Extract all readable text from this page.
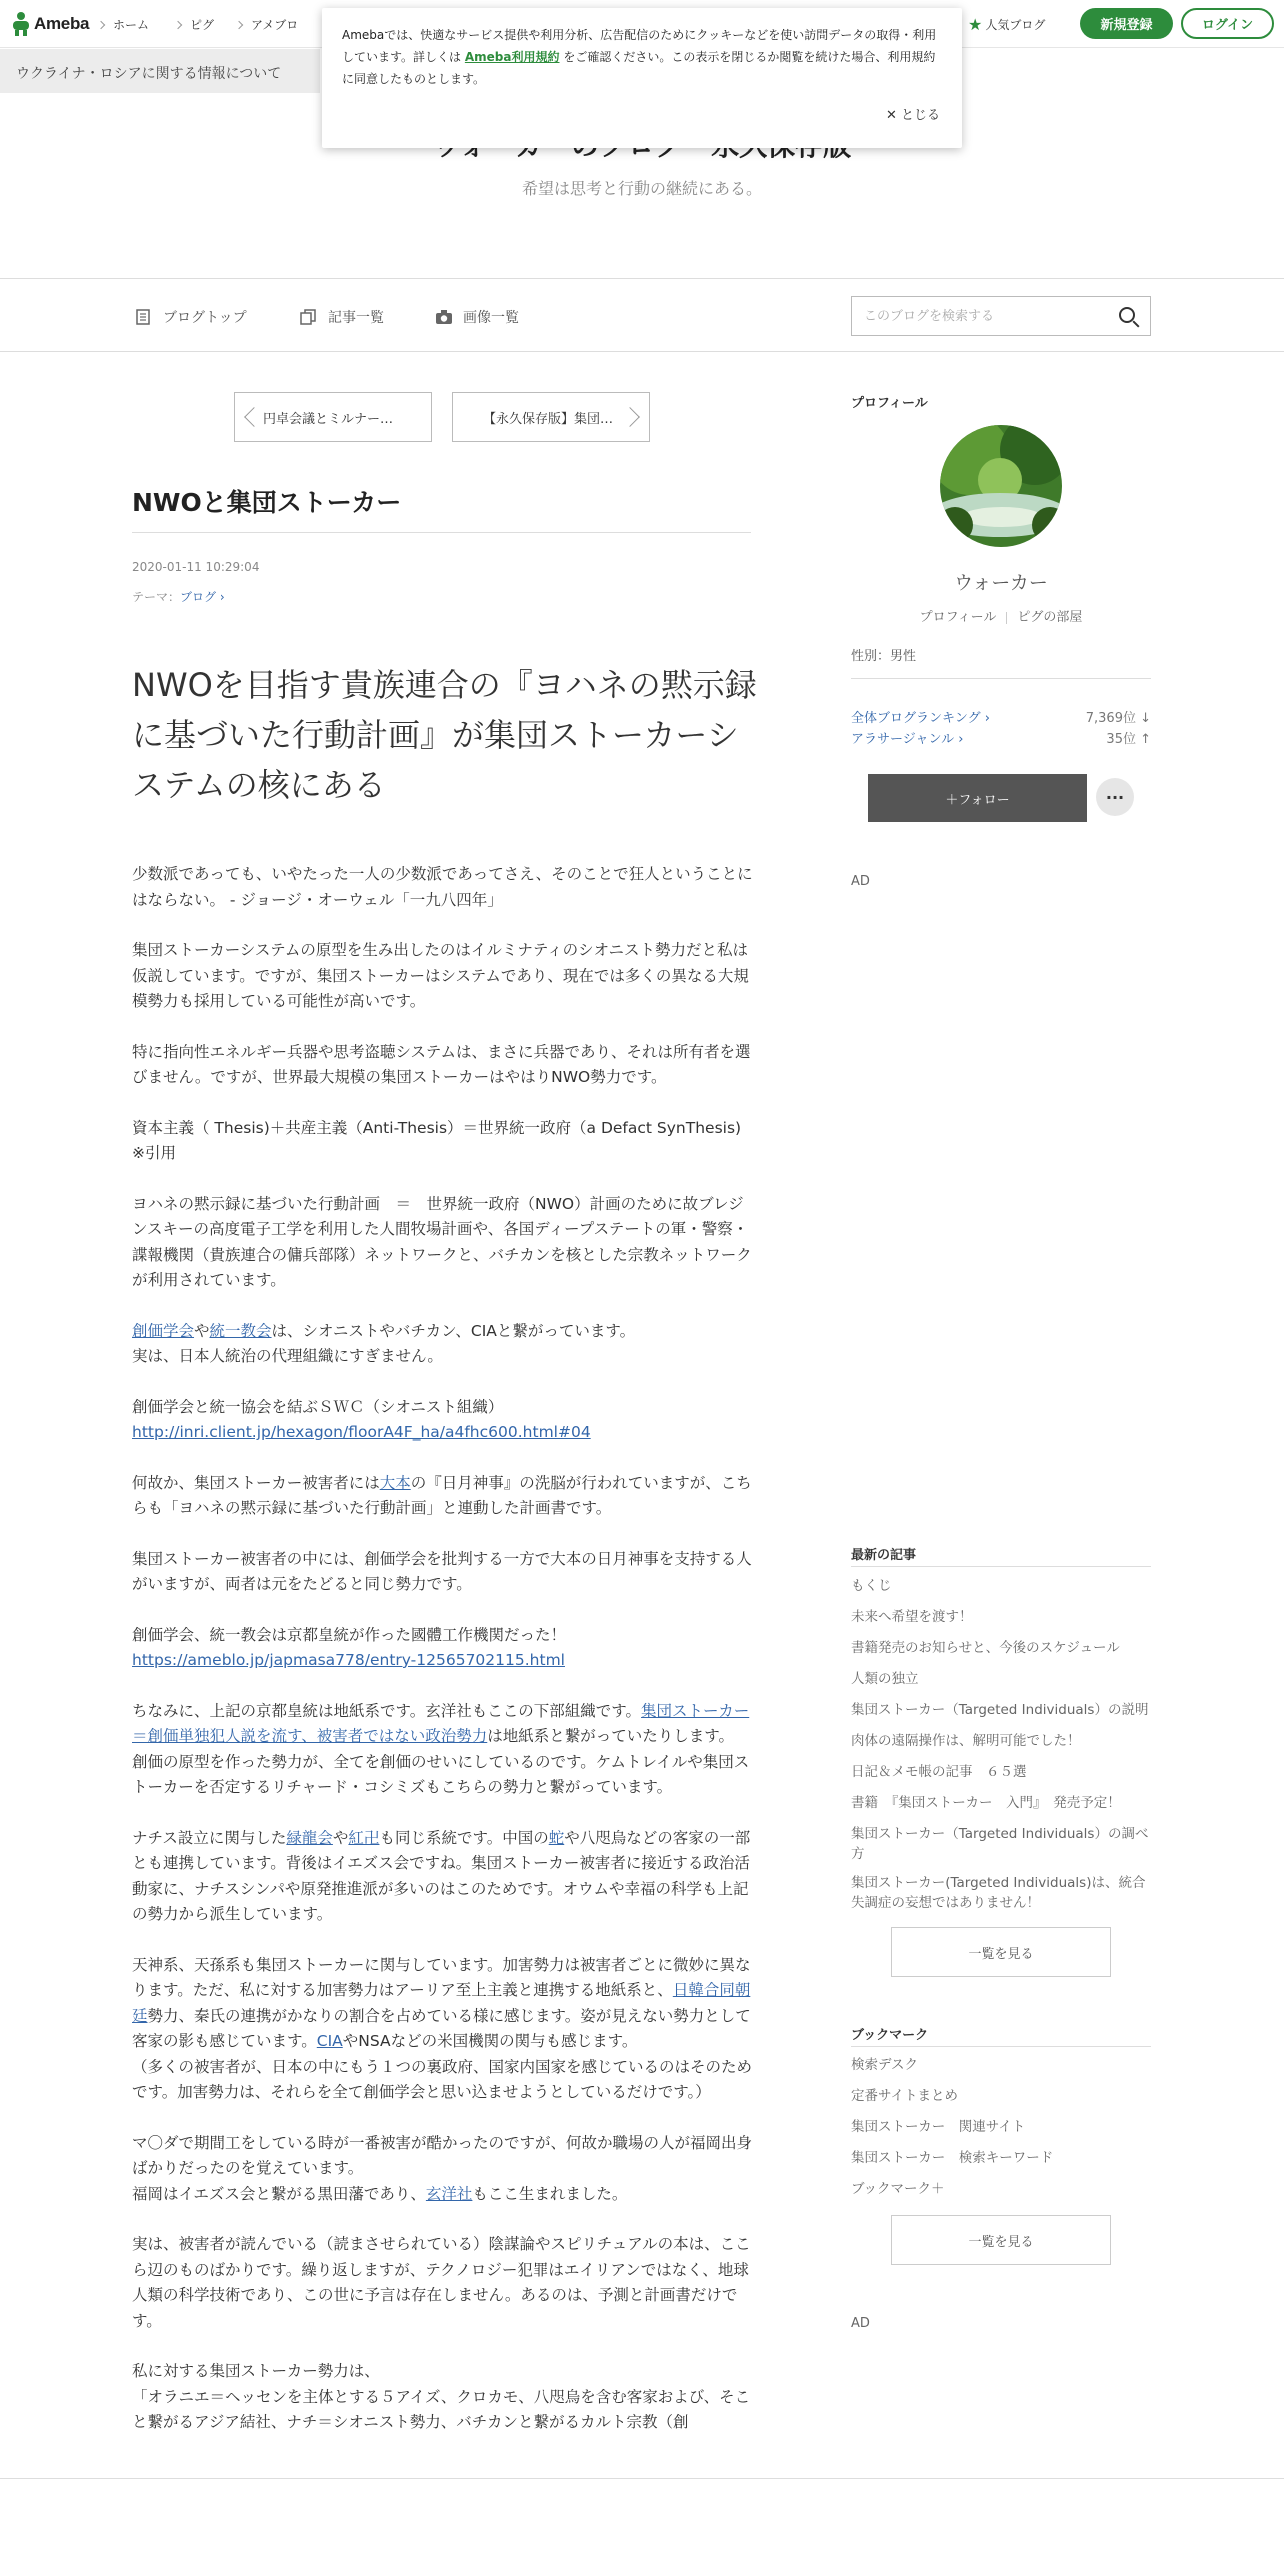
Ameba ホーム	ピグ	アメブロ	★ 人気ブログ	新規登録	ログイン
ウクライナ・ロシアに関する情報について
Amebaでは、快適なサービス提供や利用分析、広告配信のためにクッキーなどを使い訪問データの取得・利用しています。詳しくは Ameba利用規約 をご確認ください。この表示を閉じるか閲覧を続けた場合、利用規約に同意したものとします。
✕ とじる
希望は思考と行動の継続にある。
ブログトップ	記事一覧	画像一覧
このブログを検索する
円卓会議とミルナー…	【永久保存版】集団…
NWOと集団ストーカー
2020-01-11 10:29:04
テーマ：ブログ ›
NWOを目指す貴族連合の『ヨハネの黙示録に基づいた行動計画』が集団ストーカーシステムの核にある

少数派であっても、いやたった一人の少数派であってさえ、そのことで狂人ということにはならない。 - ジョージ・オーウェル「一九八四年」

集団ストーカーシステムの原型を生み出したのはイルミナティのシオニスト勢力だと私は仮説しています。ですが、集団ストーカーはシステムであり、現在では多くの異なる大規模勢力も採用している可能性が高いです。

特に指向性エネルギー兵器や思考盗聴システムは、まさに兵器であり、それは所有者を選びません。ですが、世界最大規模の集団ストーカーはやはりNWO勢力です。

資本主義（ Thesis)＋共産主義（Anti-Thesis）＝世界統一政府（a Defact SynThesis) ※引用

ヨハネの黙示録に基づいた行動計画　＝　世界統一政府（NWO）計画のために故ブレジンスキーの高度電子工学を利用した人間牧場計画や、各国ディープステートの軍・警察・諜報機関（貴族連合の傭兵部隊）ネットワークと、バチカンを核とした宗教ネットワークが利用されています。

創価学会や統一教会は、シオニストやバチカン、CIAと繋がっています。
実は、日本人統治の代理組織にすぎません。

創価学会と統一協会を結ぶＳＷＣ（シオニスト組織）
http://inri.client.jp/hexagon/floorA4F_ha/a4fhc600.html#04

何故か、集団ストーカー被害者には大本の『日月神事』の洗脳が行われていますが、こちらも「ヨハネの黙示録に基づいた行動計画」と連動した計画書です。

集団ストーカー被害者の中には、創価学会を批判する一方で大本の日月神事を支持する人がいますが、両者は元をたどると同じ勢力です。

創価学会、統一教会は京都皇統が作った國體工作機関だった！
https://ameblo.jp/japmasa778/entry-12565702115.html

ちなみに、上記の京都皇統は地紙系です。玄洋社もここの下部組織です。集団ストーカー＝創価単独犯人説を流す、被害者ではない政治勢力は地紙系と繋がっていたりします。
創価の原型を作った勢力が、全てを創価のせいにしているのです。ケムトレイルや集団ストーカーを否定するリチャード・コシミズもこちらの勢力と繋がっています。

ナチス設立に関与した緑龍会や紅卍も同じ系統です。中国の蛇や八咫烏などの客家の一部とも連携しています。背後はイエズス会ですね。集団ストーカー被害者に接近する政治活動家に、ナチスシンパや原発推進派が多いのはこのためです。オウムや幸福の科学も上記の勢力から派生しています。

天神系、天孫系も集団ストーカーに関与しています。加害勢力は被害者ごとに微妙に異なります。ただ、私に対する加害勢力はアーリア至上主義と連携する地紙系と、日韓合同朝廷勢力、秦氏の連携がかなりの割合を占めている様に感じます。姿が見えない勢力として客家の影も感じています。CIAやNSAなどの米国機関の関与も感じます。
（多くの被害者が、日本の中にもう１つの裏政府、国家内国家を感じているのはそのためです。加害勢力は、それらを全て創価学会と思い込ませようとしているだけです。）

マ〇ダで期間工をしている時が一番被害が酷かったのですが、何故か職場の人が福岡出身ばかりだったのを覚えています。
福岡はイエズス会と繋がる黒田藩であり、玄洋社もここ生まれました。

実は、被害者が読んでいる（読まさせられている）陰謀論やスピリチュアルの本は、ここら辺のものばかりです。繰り返しますが、テクノロジー犯罪はエイリアンではなく、地球人類の科学技術であり、この世に予言は存在しません。あるのは、予測と計画書だけです。

私に対する集団ストーカー勢力は、
「オラニエ＝ヘッセンを主体とする５アイズ、クロカモ、八咫烏を含む客家および、そこと繋がるアジア結社、ナチ＝シオニスト勢力、バチカンと繋がるカルト宗教（創

プロフィール
ウォーカー
プロフィール ピグの部屋
性別：男性
全体ブログランキング ›	7,369位 ↓
アラサージャンル ›	35位 ↑
＋フォロー	···
AD
最新の記事
もくじ
未来へ希望を渡す！
書籍発売のお知らせと、今後のスケジュール
人類の独立
集団ストーカー（Targeted Individuals）の説明
肉体の遠隔操作は、解明可能でした！
日記＆メモ帳の記事　６５選
書籍　『集団ストーカー　入門』　発売予定！
集団ストーカー（Targeted Individuals）の調べ方
集団ストーカー(Targeted Individuals)は、統合失調症の妄想ではありません！
一覧を見る
ブックマーク
検索デスク
定番サイトまとめ
集団ストーカー　関連サイト
集団ストーカー　検索キーワード
ブックマーク＋
一覧を見る
AD
